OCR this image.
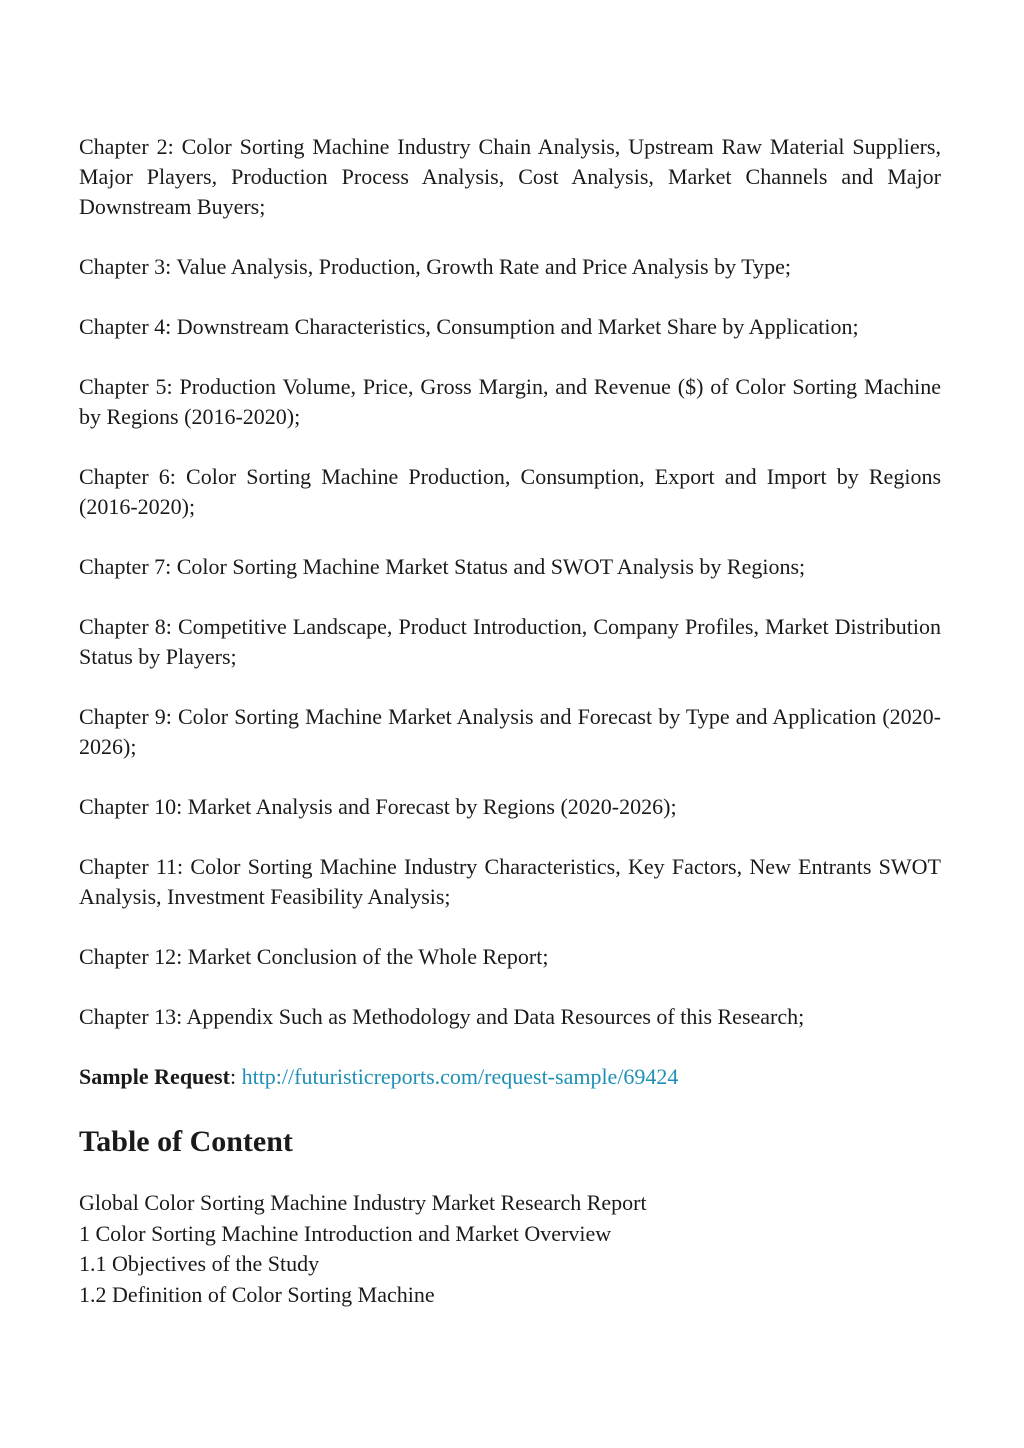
Chapter 2: Color Sorting Machine Industry Chain Analysis, Upstream Raw Material Suppliers, Major Players, Production Process Analysis, Cost Analysis, Market Channels and Major Downstream Buyers;

Chapter 3: Value Analysis, Production, Growth Rate and Price Analysis by Type;

Chapter 4: Downstream Characteristics, Consumption and Market Share by Application;

Chapter 5: Production Volume, Price, Gross Margin, and Revenue ($) of Color Sorting Machine by Regions (2016-2020);

Chapter 6: Color Sorting Machine Production, Consumption, Export and Import by Regions (2016-2020);

Chapter 7: Color Sorting Machine Market Status and SWOT Analysis by Regions;

Chapter 8: Competitive Landscape, Product Introduction, Company Profiles, Market Distribution Status by Players;

Chapter 9: Color Sorting Machine Market Analysis and Forecast by Type and Application (2020-2026);

Chapter 10: Market Analysis and Forecast by Regions (2020-2026);

Chapter 11: Color Sorting Machine Industry Characteristics, Key Factors, New Entrants SWOT Analysis, Investment Feasibility Analysis;

Chapter 12: Market Conclusion of the Whole Report;

Chapter 13: Appendix Such as Methodology and Data Resources of this Research;

Sample Request: http://futuristicreports.com/request-sample/69424

Table of Content
Global Color Sorting Machine Industry Market Research Report
1 Color Sorting Machine Introduction and Market Overview
1.1 Objectives of the Study
1.2 Definition of Color Sorting Machine
